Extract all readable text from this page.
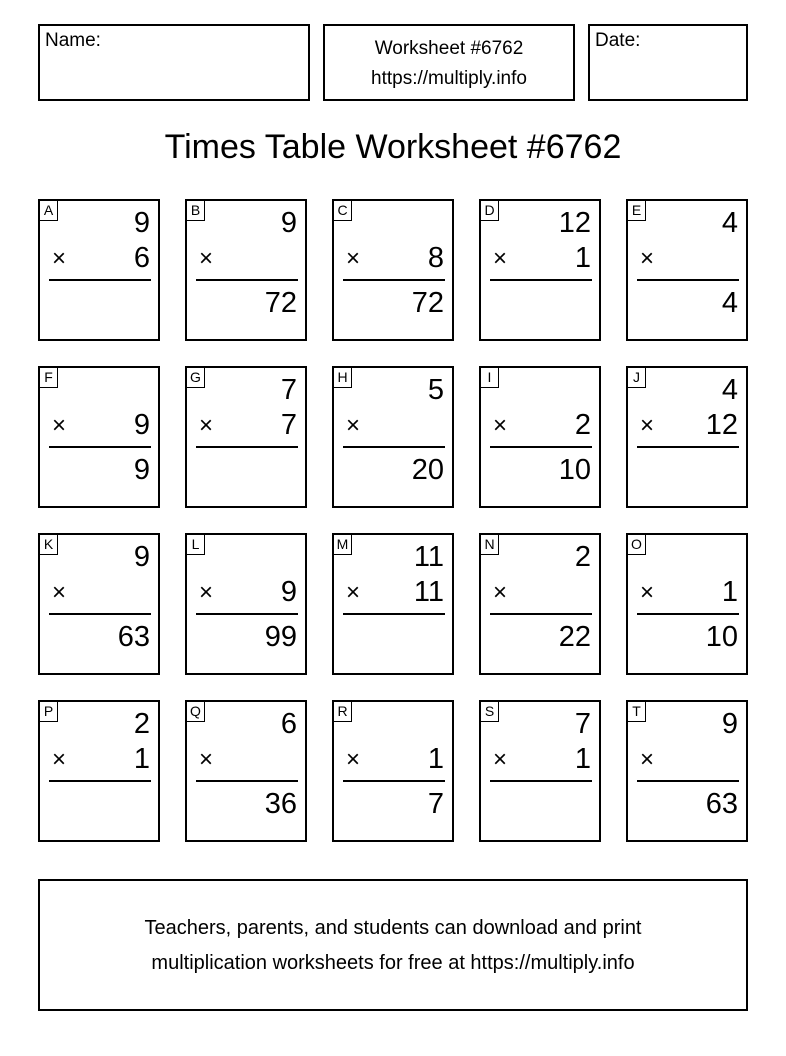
Name:	Worksheet #6762
https://multiply.info
Date:
Times Table Worksheet #6762
A	9
× 6
B	9
×
72
C
× 8
72
D 12
× 1
E	4
×
4
F
× 9
9
G	7
× 7
H	5
×
20
I
× 2
10
J	4
× 12
K	9
×
63
L
× 9
99
M 11
× 11
N	2
×
22
O
× 1
10
P	2
× 1
Q	6
×
36
R
× 1
7
S	7
× 1
T	9
×
63
Teachers, parents, and students can download and print
multiplication worksheets for free at https://multiply.info
